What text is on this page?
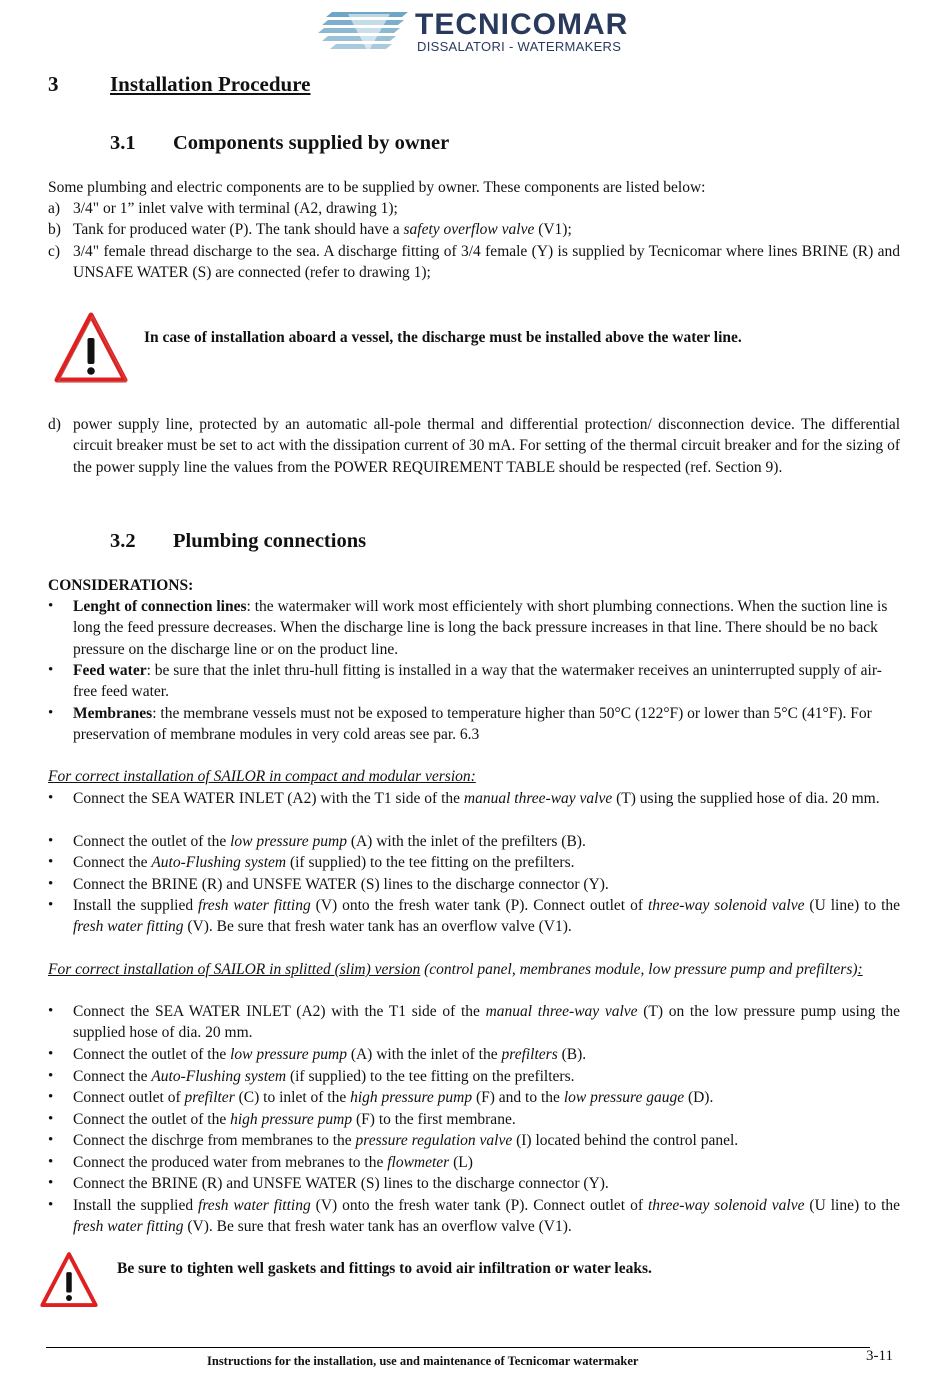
TECNICOMAR
DISSALATORI - WATERMAKERS
3 Installation Procedure
3.1 Components supplied by owner
Some plumbing and electric components are to be supplied by owner. These components are listed below:
a) 3/4" or 1” inlet valve with terminal (A2, drawing 1);
b) Tank for produced water (P). The tank should have a safety overflow valve (V1);
c) 3/4" female thread discharge to the sea. A discharge fitting of 3/4 female (Y) is supplied by Tecnicomar where lines BRINE (R) and UNSAFE WATER (S) are connected (refer to drawing 1);
In case of installation aboard a vessel, the discharge must be installed above the water line.
d) power supply line, protected by an automatic all-pole thermal and differential protection/ disconnection device. The differential circuit breaker must be set to act with the dissipation current of 30 mA. For setting of the thermal circuit breaker and for the sizing of the power supply line the values from the POWER REQUIREMENT TABLE should be respected (ref. Section 9).
3.2 Plumbing connections
CONSIDERATIONS:
• Lenght of connection lines: the watermaker will work most efficientely with short plumbing connections. When the suction line is long the feed pressure decreases. When the discharge line is long the back pressure increases in that line. There should be no back pressure on the discharge line or on the product line.
• Feed water: be sure that the inlet thru-hull fitting is installed in a way that the watermaker receives an uninterrupted supply of air-free feed water.
• Membranes: the membrane vessels must not be exposed to temperature higher than 50°C (122°F) or lower than 5°C (41°F). For preservation of membrane modules in very cold areas see par. 6.3
For correct installation of SAILOR in compact and modular version:
• Connect the SEA WATER INLET (A2) with the T1 side of the manual three-way valve (T) using the supplied hose of dia. 20 mm.
• Connect the outlet of the low pressure pump (A) with the inlet of the prefilters (B).
• Connect the Auto-Flushing system (if supplied) to the tee fitting on the prefilters.
• Connect the BRINE (R) and UNSFE WATER (S) lines to the discharge connector (Y).
• Install the supplied fresh water fitting (V) onto the fresh water tank (P). Connect outlet of three-way solenoid valve (U line) to the fresh water fitting (V). Be sure that fresh water tank has an overflow valve (V1).
For correct installation of SAILOR in splitted (slim) version (control panel, membranes module, low pressure pump and prefilters):
• Connect the SEA WATER INLET (A2) with the T1 side of the manual three-way valve (T) on the low pressure pump using the supplied hose of dia. 20 mm.
• Connect the outlet of the low pressure pump (A) with the inlet of the prefilters (B).
• Connect the Auto-Flushing system (if supplied) to the tee fitting on the prefilters.
• Connect outlet of prefilter (C) to inlet of the high pressure pump (F) and to the low pressure gauge (D).
• Connect the outlet of the high pressure pump (F) to the first membrane.
• Connect the dischrge from membranes to the pressure regulation valve (I) located behind the control panel.
• Connect the produced water from mebranes to the flowmeter (L)
• Connect the BRINE (R) and UNSFE WATER (S) lines to the discharge connector (Y).
• Install the supplied fresh water fitting (V) onto the fresh water tank (P). Connect outlet of three-way solenoid valve (U line) to the fresh water fitting (V). Be sure that fresh water tank has an overflow valve (V1).
Be sure to tighten well gaskets and fittings to avoid air infiltration or water leaks.
Instructions for the installation, use and maintenance of Tecnicomar watermaker	3-11
